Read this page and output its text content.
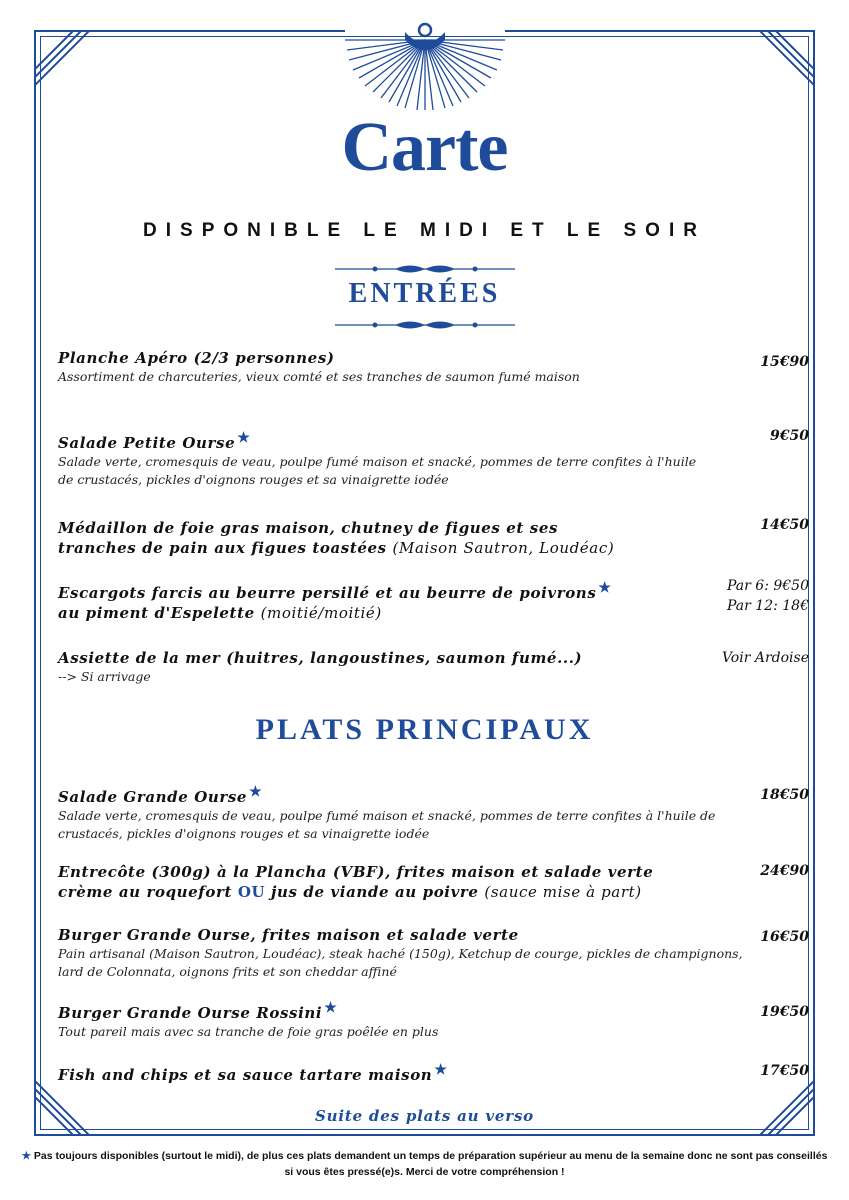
Carte
DISPONIBLE LE MIDI ET LE SOIR
ENTRÉES
Planche Apéro (2/3 personnes)
Assortiment de charcuteries, vieux comté et ses tranches de saumon fumé maison
15€90
Salade Petite Ourse ★
Salade verte, cromesquis de veau, poulpe fumé maison et snacké, pommes de terre confites à l'huile de crustacés, pickles d'oignons rouges et sa vinaigrette iodée
9€50
Médaillon de foie gras maison, chutney de figues et ses
tranches de pain aux figues toastées (Maison Sautron, Loudéac)
14€50
Escargots farcis au beurre persillé et au beurre de poivrons ★
au piment d'Espelette (moitié/moitié)
Par 6: 9€50
Par 12: 18€
Assiette de la mer (huitres, langoustines, saumon fumé...)
--> Si arrivage
Voir Ardoise
PLATS PRINCIPAUX
Salade Grande Ourse ★
Salade verte, cromesquis de veau, poulpe fumé maison et snacké, pommes de terre confites à l'huile de crustacés, pickles d'oignons rouges et sa vinaigrette iodée
18€50
Entrecôte (300g) à la Plancha (VBF), frites maison et salade verte
crème au roquefort OU jus de viande au poivre (sauce mise à part)
24€90
Burger Grande Ourse, frites maison et salade verte
Pain artisanal (Maison Sautron, Loudéac), steak haché (150g), Ketchup de courge, pickles de champignons, lard de Colonnata, oignons frits et son cheddar affiné
16€50
Burger Grande Ourse Rossini ★
Tout pareil mais avec sa tranche de foie gras poêlée en plus
19€50
Fish and chips et sa sauce tartare maison ★	17€50
Suite des plats au verso
★ Pas toujours disponibles (surtout le midi), de plus ces plats demandent un temps de préparation supérieur au menu de la semaine donc ne sont pas conseillés si vous êtes pressé(e)s. Merci de votre compréhension !
